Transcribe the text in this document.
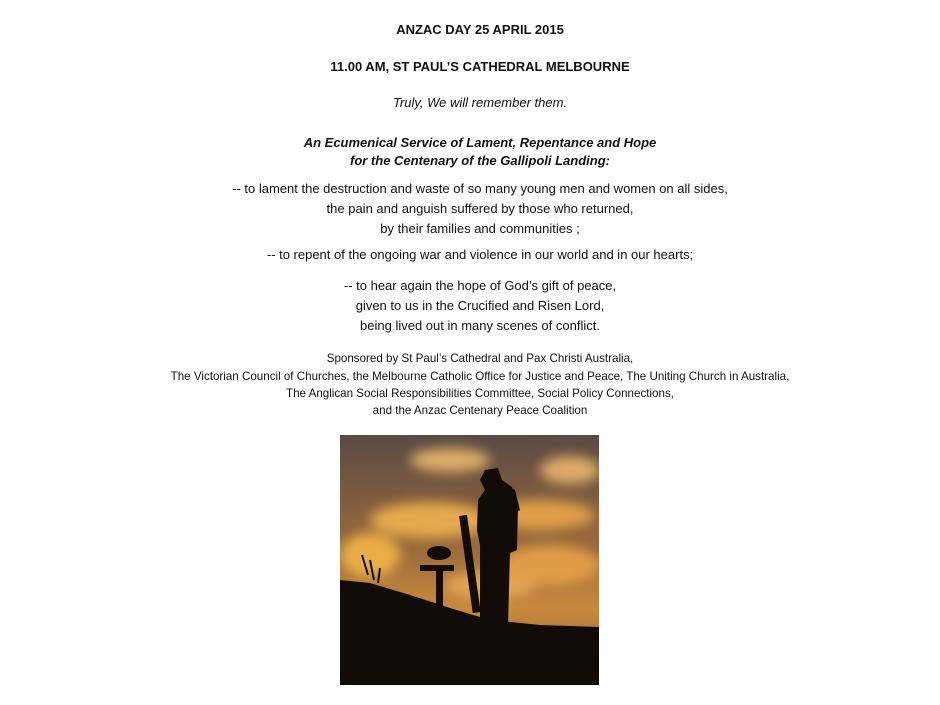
ANZAC DAY 25 APRIL 2015
11.00 AM, ST PAUL’S CATHEDRAL MELBOURNE
Truly, We will remember them.
An Ecumenical Service of Lament, Repentance and Hope
for the Centenary of the Gallipoli Landing:
-- to lament the destruction and waste of so many young men and women on all sides,
the pain and anguish suffered by those who returned,
by their families and communities ;
-- to repent of the ongoing war and violence in our world and in our hearts;
-- to hear again the hope of God’s gift of peace,
given to us in the Crucified and Risen Lord,
being lived out in many scenes of conflict.
Sponsored by St Paul’s Cathedral and Pax Christi Australia,
The Victorian Council of Churches, the Melbourne Catholic Office for Justice and Peace, The Uniting Church in Australia,
The Anglican Social Responsibilities Committee, Social Policy Connections,
and the Anzac Centenary Peace Coalition
